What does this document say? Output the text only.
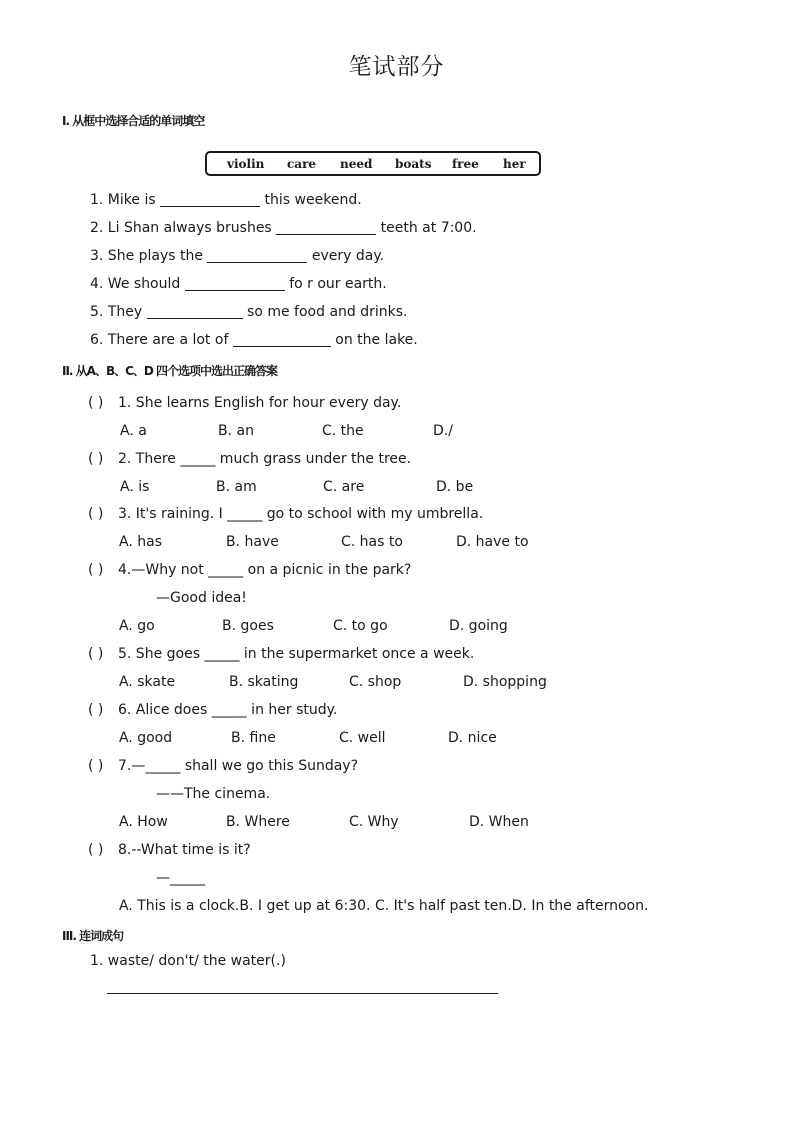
笔试部分
I. 从框中选择合适的单词填空
violin care need boats free her
1. Mike is	this weekend.
2. Li Shan always brushes	teeth at 7:00.
3. She plays the	every day.
4. We should	fo r our earth.
5. They	so me food and drinks.
6. There are a lot of	on the lake.
II. 从A、B、C、D 四个选项中选出正确答案
( ) 1. She learns English for hour every day.
A. a	B. an	C. the	D./
( ) 2. There _____ much grass under the tree.
A. is	B. am	C. are	D. be
( ) 3. It's raining. I _____ go to school with my umbrella.
A. has	B. have	C. has to	D. have to
( ) 4.—Why not _____ on a picnic in the park?
—Good idea!
A. go	B. goes	C. to go	D. going
( ) 5. She goes _____ in the supermarket once a week.
A. skate	B. skating	C. shop	D. shopping
( ) 6. Alice does _____ in her study.
A. good	B. fine	C. well	D. nice
( ) 7.—_____ shall we go this Sunday?
——The cinema.
A. How	B. Where	C. Why	D. When
( ) 8.--What time is it?
—_____
A. This is a clock.B. I get up at 6:30. C. It's half past ten.D. In the afternoon.
III. 连词成句
1. waste/ don't/ the water(.)
